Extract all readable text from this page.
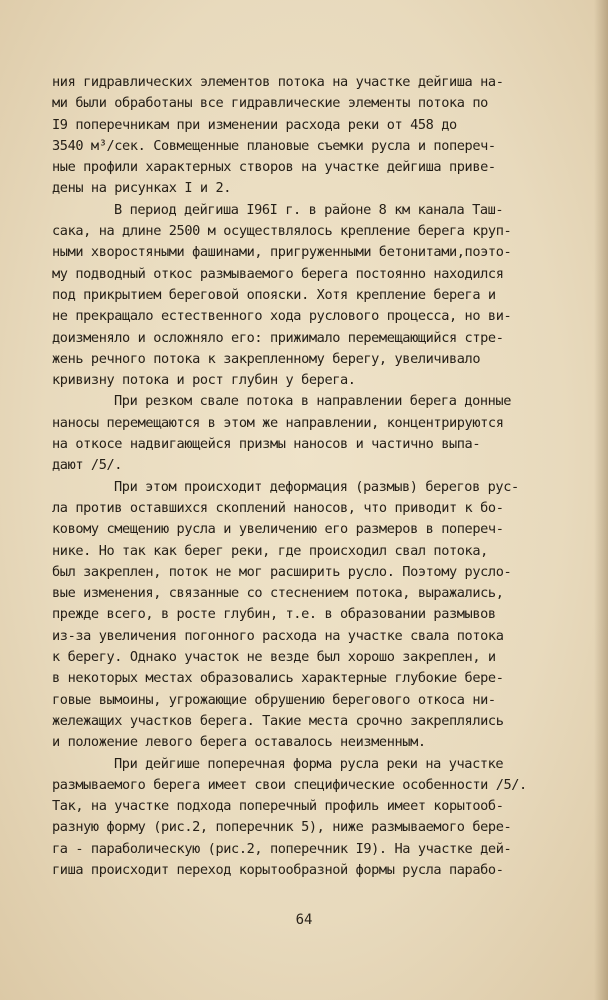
ния гидравлических элементов потока на участке дейгиша на-
ми были обработаны все гидравлические элементы потока по
I9 поперечникам при изменении расхода реки от 458 до
3540 м³/сек. Совмещенные плановые съемки русла и попереч-
ные профили характерных створов на участке дейгиша приве-
дены на рисунках I и 2.
В период дейгиша I96I г. в районе 8 км канала Таш-
сака, на длине 2500 м осуществлялось крепление берега круп-
ными хворостяными фашинами, пригруженными бетонитами,поэто-
му подводный откос размываемого берега постоянно находился
под прикрытием береговой опояски. Хотя крепление берега и
не прекращало естественного хода руслового процесса, но ви-
доизменяло и осложняло его: прижимало перемещающийся стре-
жень речного потока к закрепленному берегу, увеличивало
кривизну потока и рост глубин у берега.
При резком свале потока в направлении берега донные
наносы перемещаются в этом же направлении, концентрируются
на откосе надвигающейся призмы наносов и частично выпа-
дают /5/.
При этом происходит деформация (размыв) берегов рус-
ла против оставшихся скоплений наносов, что приводит к бо-
ковому смещению русла и увеличению его размеров в попереч-
нике. Но так как берег реки, где происходил свал потока,
был закреплен, поток не мог расширить русло. Поэтому русло-
вые изменения, связанные со стеснением потока, выражались,
прежде всего, в росте глубин, т.е. в образовании размывов
из-за увеличения погонного расхода на участке свала потока
к берегу. Однако участок не везде был хорошо закреплен, и
в некоторых местах образовались характерные глубокие бере-
говые вымоины, угрожающие обрушению берегового откоса ни-
жележащих участков берега. Такие места срочно закреплялись
и положение левого берега оставалось неизменным.
При дейгише поперечная форма русла реки на участке
размываемого берега имеет свои специфические особенности /5/.
Так, на участке подхода поперечный профиль имеет корытооб-
разную форму (рис.2, поперечник 5), ниже размываемого бере-
га - параболическую (рис.2, поперечник I9). На участке дей-
гиша происходит переход корытообразной формы русла парабо-
64
